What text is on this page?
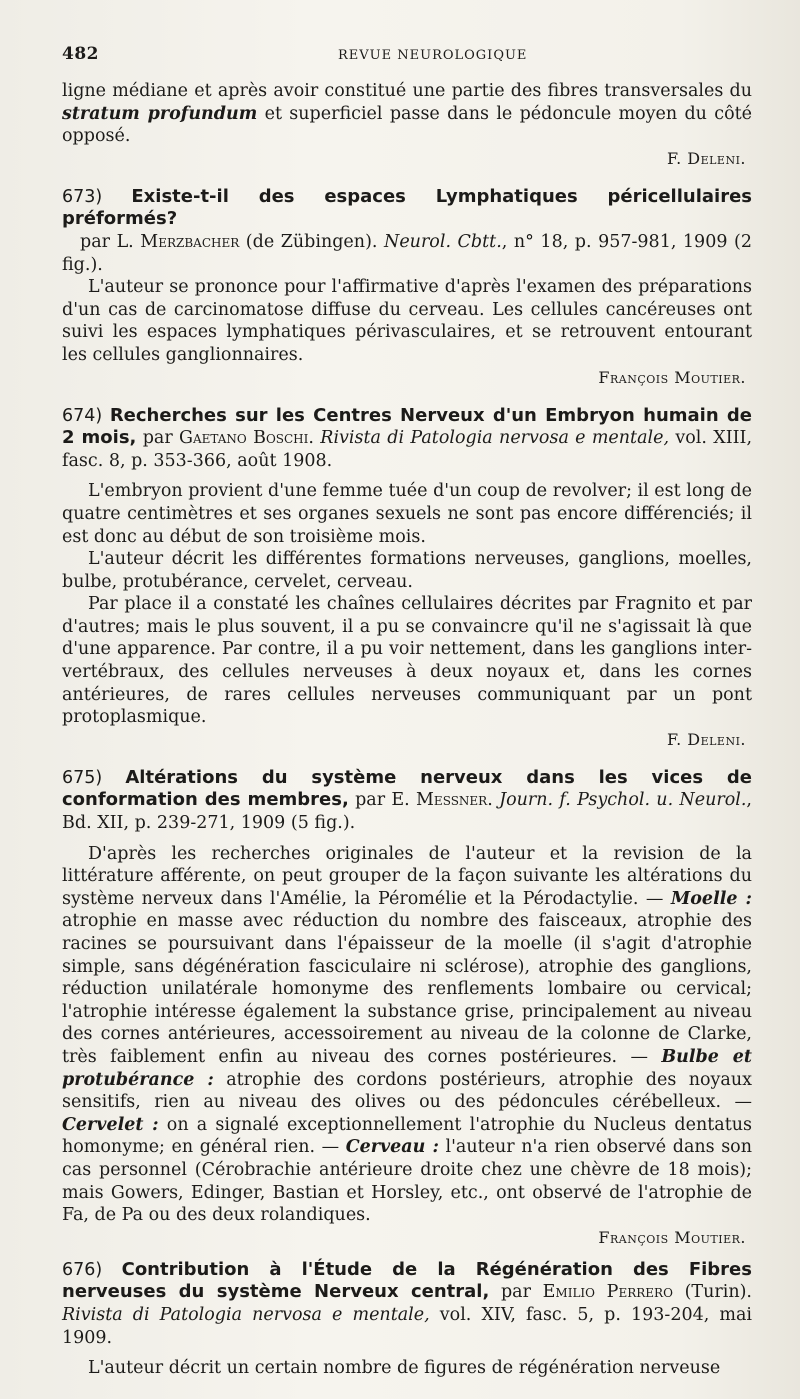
482	REVUE NEUROLOGIQUE

ligne médiane et après avoir constitué une partie des fibres transversales du stratum profundum et superficiel passe dans le pédoncule moyen du côté opposé.

F. Deleni.
673) Existe-t-il des espaces Lymphatiques péricellulaires préformés?
par L. Merzbacher (de Zübingen). Neurol. Cbtt., n° 18, p. 957-981, 1909 (2 fig.).

L'auteur se prononce pour l'affirmative d'après l'examen des préparations d'un cas de carcinomatose diffuse du cerveau. Les cellules cancéreuses ont suivi les espaces lymphatiques périvasculaires, et se retrouvent entourant les cellules ganglionnaires.

François Moutier.
674) Recherches sur les Centres Nerveux d'un Embryon humain de 2 mois, par Gaetano Boschi. Rivista di Patologia nervosa e mentale, vol. XIII, fasc. 8, p. 353-366, août 1908.

L'embryon provient d'une femme tuée d'un coup de revolver; il est long de quatre centimètres et ses organes sexuels ne sont pas encore différenciés; il est donc au début de son troisième mois.

L'auteur décrit les différentes formations nerveuses, ganglions, moelles, bulbe, protubérance, cervelet, cerveau.

Par place il a constaté les chaînes cellulaires décrites par Fragnito et par d'autres; mais le plus souvent, il a pu se convaincre qu'il ne s'agissait là que d'une apparence. Par contre, il a pu voir nettement, dans les ganglions inter-vertébraux, des cellules nerveuses à deux noyaux et, dans les cornes antérieures, de rares cellules nerveuses communiquant par un pont protoplasmique.

F. Deleni.
675) Altérations du système nerveux dans les vices de conformation des membres, par E. Messner. Journ. f. Psychol. u. Neurol., Bd. XII, p. 239-271, 1909 (5 fig.).

D'après les recherches originales de l'auteur et la revision de la littérature afférente, on peut grouper de la façon suivante les altérations du système nerveux dans l'Amélie, la Péromélie et la Pérodactylie. — Moelle : atrophie en masse avec réduction du nombre des faisceaux, atrophie des racines se poursuivant dans l'épaisseur de la moelle (il s'agit d'atrophie simple, sans dégénération fasciculaire ni sclérose), atrophie des ganglions, réduction unilatérale homonyme des renflements lombaire ou cervical; l'atrophie intéresse également la substance grise, principalement au niveau des cornes antérieures, accessoirement au niveau de la colonne de Clarke, très faiblement enfin au niveau des cornes postérieures. — Bulbe et protubérance : atrophie des cordons postérieurs, atrophie des noyaux sensitifs, rien au niveau des olives ou des pédoncules cérébelleux. — Cervelet : on a signalé exceptionnellement l'atrophie du Nucleus dentatus homonyme; en général rien. — Cerveau : l'auteur n'a rien observé dans son cas personnel (Cérobrachie antérieure droite chez une chèvre de 18 mois); mais Gowers, Edinger, Bastian et Horsley, etc., ont observé de l'atrophie de Fa, de Pa ou des deux rolandiques.

François Moutier.
676) Contribution à l'Étude de la Régénération des Fibres nerveuses du système Nerveux central, par Emilio Perrero (Turin). Rivista di Patologia nervosa e mentale, vol. XIV, fasc. 5, p. 193-204, mai 1909.

L'auteur décrit un certain nombre de figures de régénération nerveuse
